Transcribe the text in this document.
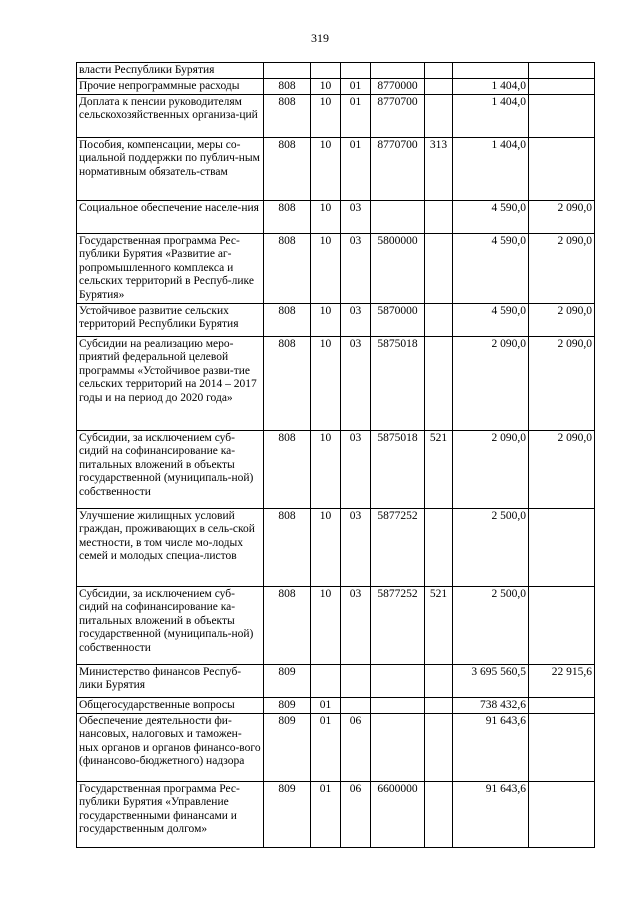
319
власти Республики Бурятия							
Прочие непрограммные расходы	808	10	01	8770000		1 404,0	
Доплата к пенсии руководителям сельскохозяйственных организа-ций	808	10	01	8770700		1 404,0	
Пособия, компенсации, меры со-циальной поддержки по публич-ным нормативным обязатель-ствам	808	10	01	8770700	313	1 404,0	
Социальное обеспечение населе-ния	808	10	03			4 590,0	2 090,0
Государственная программа Рес-публики Бурятия «Развитие аг-ропромышленного комплекса и сельских территорий в Респуб-лике Бурятия»	808	10	03	5800000		4 590,0	2 090,0
Устойчивое развитие сельских территорий Республики Бурятия	808	10	03	5870000		4 590,0	2 090,0
Субсидии на реализацию меро-приятий федеральной целевой программы «Устойчивое разви-тие сельских территорий на 2014 – 2017 годы и на период до 2020 года»	808	10	03	5875018		2 090,0	2 090,0
Субсидии, за исключением суб-сидий на софинансирование ка-питальных вложений в объекты государственной (муниципаль-ной) собственности	808	10	03	5875018	521	2 090,0	2 090,0
Улучшение жилищных условий граждан, проживающих в сель-ской местности, в том числе мо-лодых семей и молодых специа-листов	808	10	03	5877252		2 500,0	
Субсидии, за исключением суб-сидий на софинансирование ка-питальных вложений в объекты государственной (муниципаль-ной) собственности	808	10	03	5877252	521	2 500,0	
Министерство финансов Респуб-лики Бурятия	809					3 695 560,5	22 915,6
Общегосударственные вопросы	809	01				738 432,6	
Обеспечение деятельности фи-нансовых, налоговых и таможен-ных органов и органов финансо-вого (финансово-бюджетного) надзора	809	01	06			91 643,6	
Государственная программа Рес-публики Бурятия «Управление государственными финансами и государственным долгом»	809	01	06	6600000		91 643,6	
